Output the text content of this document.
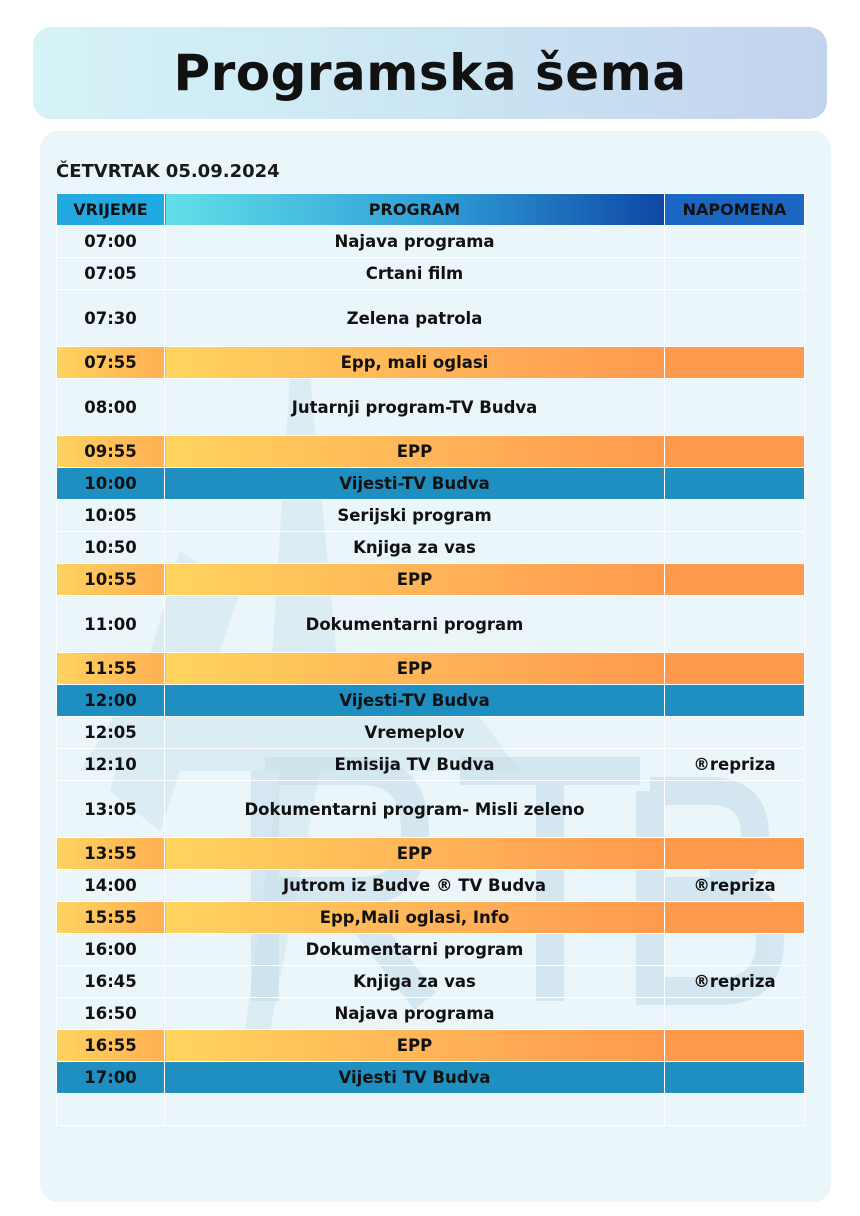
Programska šema
RTB
ČETVRTAK 05.09.2024
VRIJEME	PROGRAM	NAPOMENA
07:00	Najava programa	
07:05	Crtani film	
07:30	Zelena patrola	
07:55	Epp, mali oglasi	
08:00	Jutarnji program-TV Budva	
09:55	EPP	
10:00	Vijesti-TV Budva	
10:05	Serijski program	
10:50	Knjiga za vas	
10:55	EPP	
11:00	Dokumentarni program	
11:55	EPP	
12:00	Vijesti-TV Budva	
12:05	Vremeplov	
12:10	Emisija TV Budva	®repriza
13:05	Dokumentarni program- Misli zeleno	
13:55	EPP	
14:00	Jutrom iz Budve ® TV Budva	®repriza
15:55	Epp,Mali oglasi, Info	
16:00	Dokumentarni program	
16:45	Knjiga za vas	®repriza
16:50	Najava programa	
16:55	EPP	
17:00	Vijesti TV Budva	
